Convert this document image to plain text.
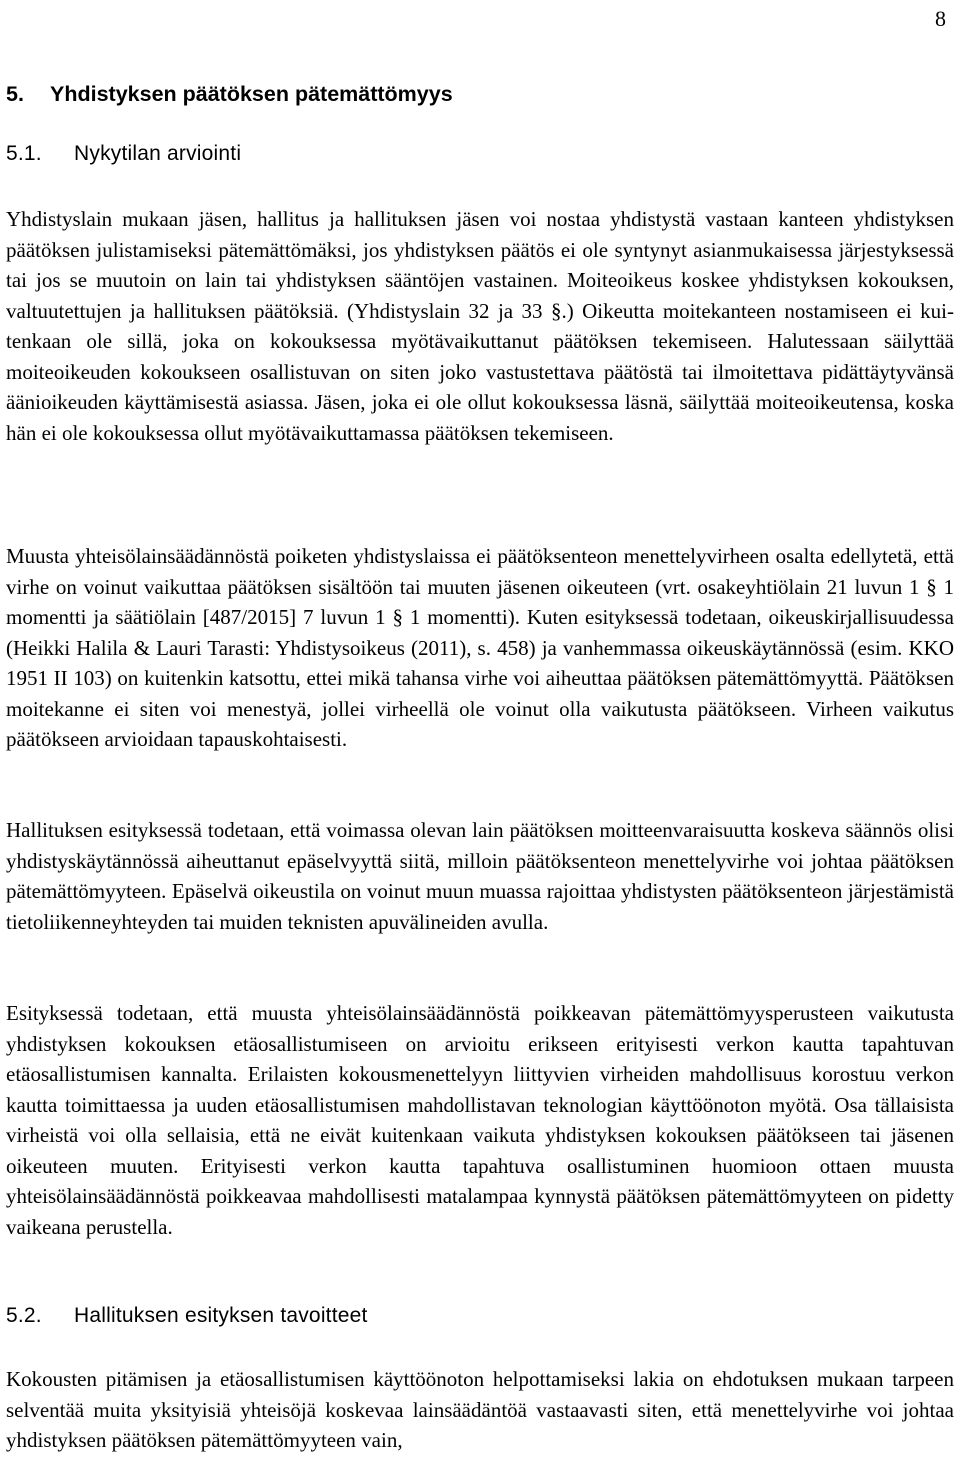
8
5. Yhdistyksen päätöksen pätemättömyys
5.1. Nykytilan arviointi

Yhdistyslain mukaan jäsen, hallitus ja hallituksen jäsen voi nostaa yhdistystä vastaan kanteen yhdistyksen päätöksen julistamiseksi pätemättömäksi, jos yhdistyksen päätös ei ole syntynyt asianmukaisessa järjestyksessä tai jos se muutoin on lain tai yhdistyksen sääntöjen vastainen. Moiteoikeus koskee yhdistyksen kokouksen, valtuutettujen ja hallituksen päätöksiä. (Yhdistyslain 32 ja 33 §.) Oikeutta moitekanteen nostamiseen ei kuitenkaan ole sillä, joka on kokouksessa myötävaikuttanut päätöksen tekemiseen. Halutessaan säilyttää moiteoikeuden kokoukseen osallistuvan on siten joko vastustettava päätöstä tai ilmoitettava pidättäytyvänsä äänioikeuden käyttämisestä asiassa. Jäsen, joka ei ole ollut kokouksessa läsnä, säilyttää moiteoikeutensa, koska hän ei ole kokouksessa ollut myötävaikuttamassa päätöksen tekemiseen.

Muusta yhteisölainsäädännöstä poiketen yhdistyslaissa ei päätöksenteon menettelyvirheen osalta edellytetä, että virhe on voinut vaikuttaa päätöksen sisältöön tai muuten jäsenen oikeuteen (vrt. osakeyhtiölain 21 luvun 1 § 1 momentti ja säätiölain [487/2015] 7 luvun 1 § 1 momentti). Kuten esityksessä todetaan, oikeuskirjallisuudessa (Heikki Halila & Lauri Tarasti: Yhdistysoikeus (2011), s. 458) ja vanhemmassa oikeuskäytännössä (esim. KKO 1951 II 103) on kuitenkin katsottu, ettei mikä tahansa virhe voi aiheuttaa päätöksen pätemättömyyttä. Päätöksen moitekanne ei siten voi menestyä, jollei virheellä ole voinut olla vaikutusta päätökseen. Virheen vaikutus päätökseen arvioidaan tapauskohtaisesti.

Hallituksen esityksessä todetaan, että voimassa olevan lain päätöksen moitteenvaraisuutta koskeva säännös olisi yhdistyskäytännössä aiheuttanut epäselvyyttä siitä, milloin päätöksenteon menettelyvirhe voi johtaa päätöksen pätemättömyyteen. Epäselvä oikeustila on voinut muun muassa rajoittaa yhdistysten päätöksenteon järjestämistä tietoliikenneyhteyden tai muiden teknisten apuvälineiden avulla.

Esityksessä todetaan, että muusta yhteisölainsäädännöstä poikkeavan pätemättömyysperusteen vaikutusta yhdistyksen kokouksen etäosallistumiseen on arvioitu erikseen erityisesti verkon kautta tapahtuvan etäosallistumisen kannalta. Erilaisten kokousmenettelyyn liittyvien virheiden mahdollisuus korostuu verkon kautta toimittaessa ja uuden etäosallistumisen mahdollistavan teknologian käyttöönoton myötä. Osa tällaisista virheistä voi olla sellaisia, että ne eivät kuitenkaan vaikuta yhdistyksen kokouksen päätökseen tai jäsenen oikeuteen muuten. Erityisesti verkon kautta tapahtuva osallistuminen huomioon ottaen muusta yhteisölainsäädännöstä poikkeavaa mahdollisesti matalampaa kynnystä päätöksen pätemättömyyteen on pidetty vaikeana perustella.

5.2. Hallituksen esityksen tavoitteet

Kokousten pitämisen ja etäosallistumisen käyttöönoton helpottamiseksi lakia on ehdotuksen mukaan tarpeen selventää muita yksityisiä yhteisöjä koskevaa lainsäädäntöä vastaavasti siten, että menettelyvirhe voi johtaa yhdistyksen päätöksen pätemättömyyteen vain,
